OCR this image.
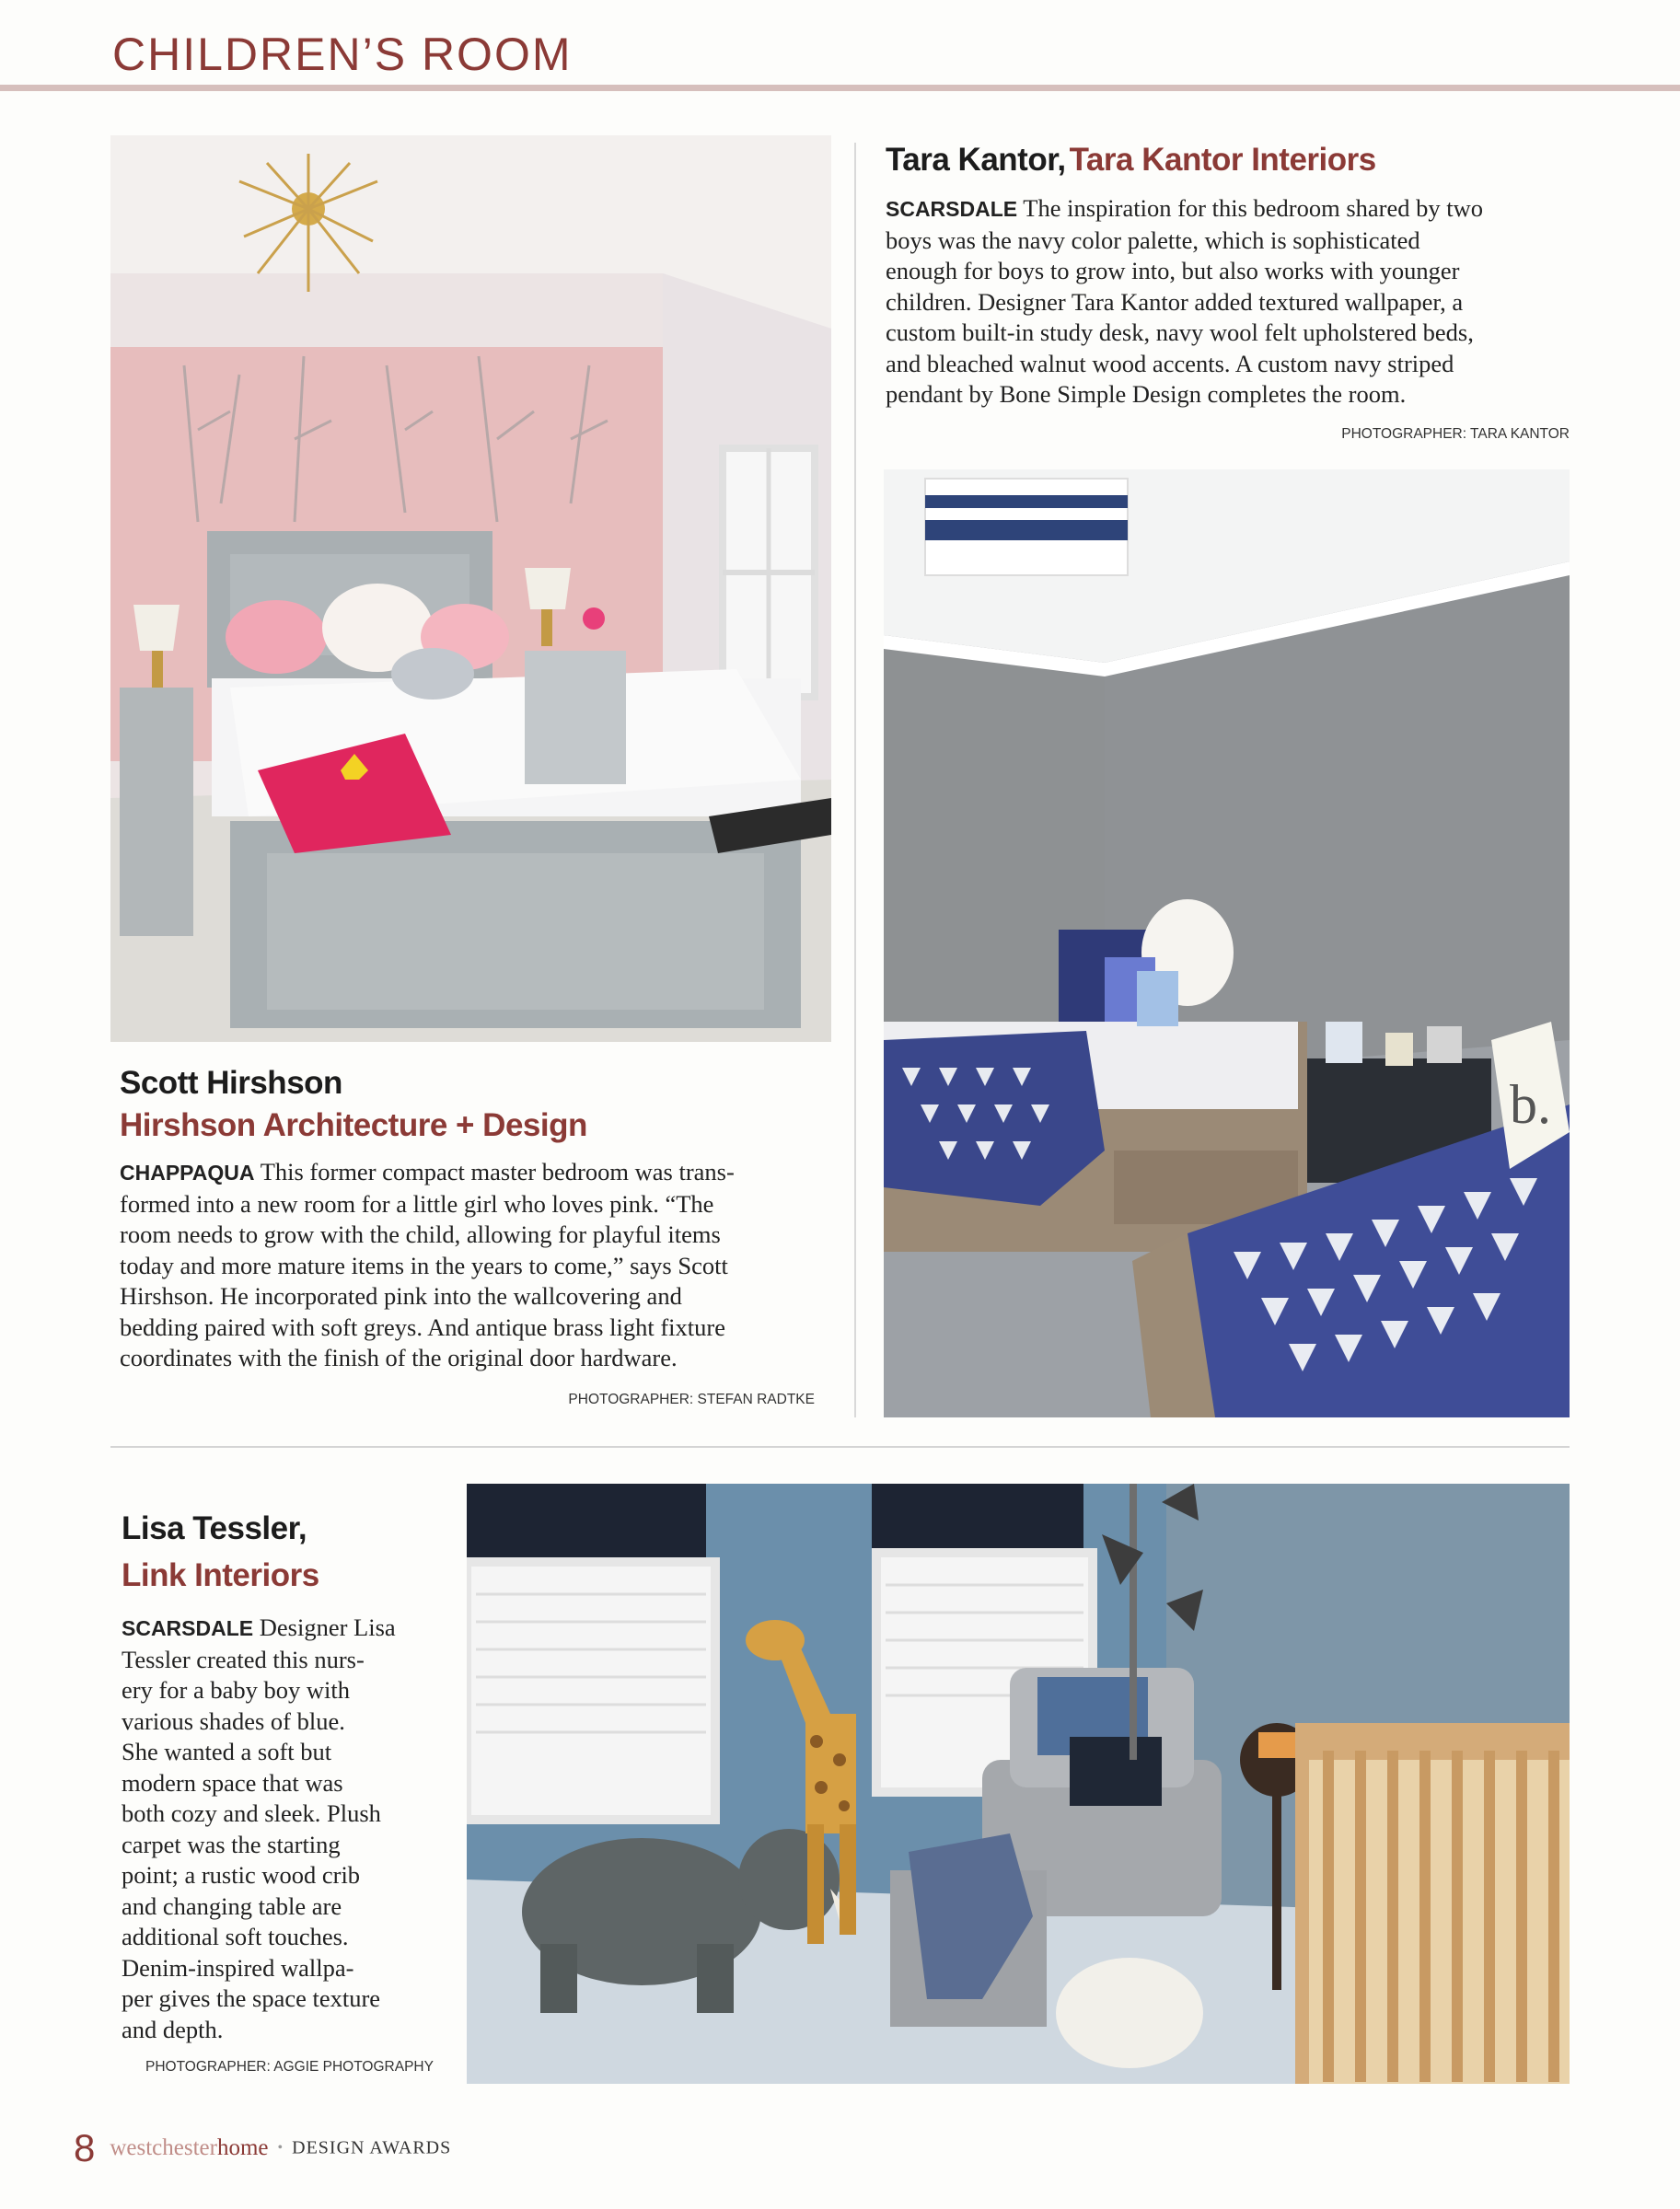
CHILDREN’S ROOM
b.
Scott Hirshson
Hirshson Architecture + Design
CHAPPAQUA This former compact master bedroom was trans-
formed into a new room for a little girl who loves pink. “The
room needs to grow with the child, allowing for playful items
today and more mature items in the years to come,” says Scott
Hirshson. He incorporated pink into the wallcovering and
bedding paired with soft greys. And antique brass light fixture
coordinates with the finish of the original door hardware.
PHOTOGRAPHER: STEFAN RADTKE
Tara Kantor, Tara Kantor Interiors
SCARSDALE The inspiration for this bedroom shared by two
boys was the navy color palette, which is sophisticated
enough for boys to grow into, but also works with younger
children. Designer Tara Kantor added textured wallpaper, a
custom built-in study desk, navy wool felt upholstered beds,
and bleached walnut wood accents. A custom navy striped
pendant by Bone Simple Design completes the room.
PHOTOGRAPHER: TARA KANTOR
Lisa Tessler,
Link Interiors
SCARSDALE Designer Lisa
Tessler created this nurs-
ery for a baby boy with
various shades of blue.
She wanted a soft but
modern space that was
both cozy and sleek. Plush
carpet was the starting
point; a rustic wood crib
and changing table are
additional soft touches.
Denim-inspired wallpa-
per gives the space texture
and depth.
PHOTOGRAPHER: AGGIE PHOTOGRAPHY
8 westchesterhome • DESIGN AWARDS
